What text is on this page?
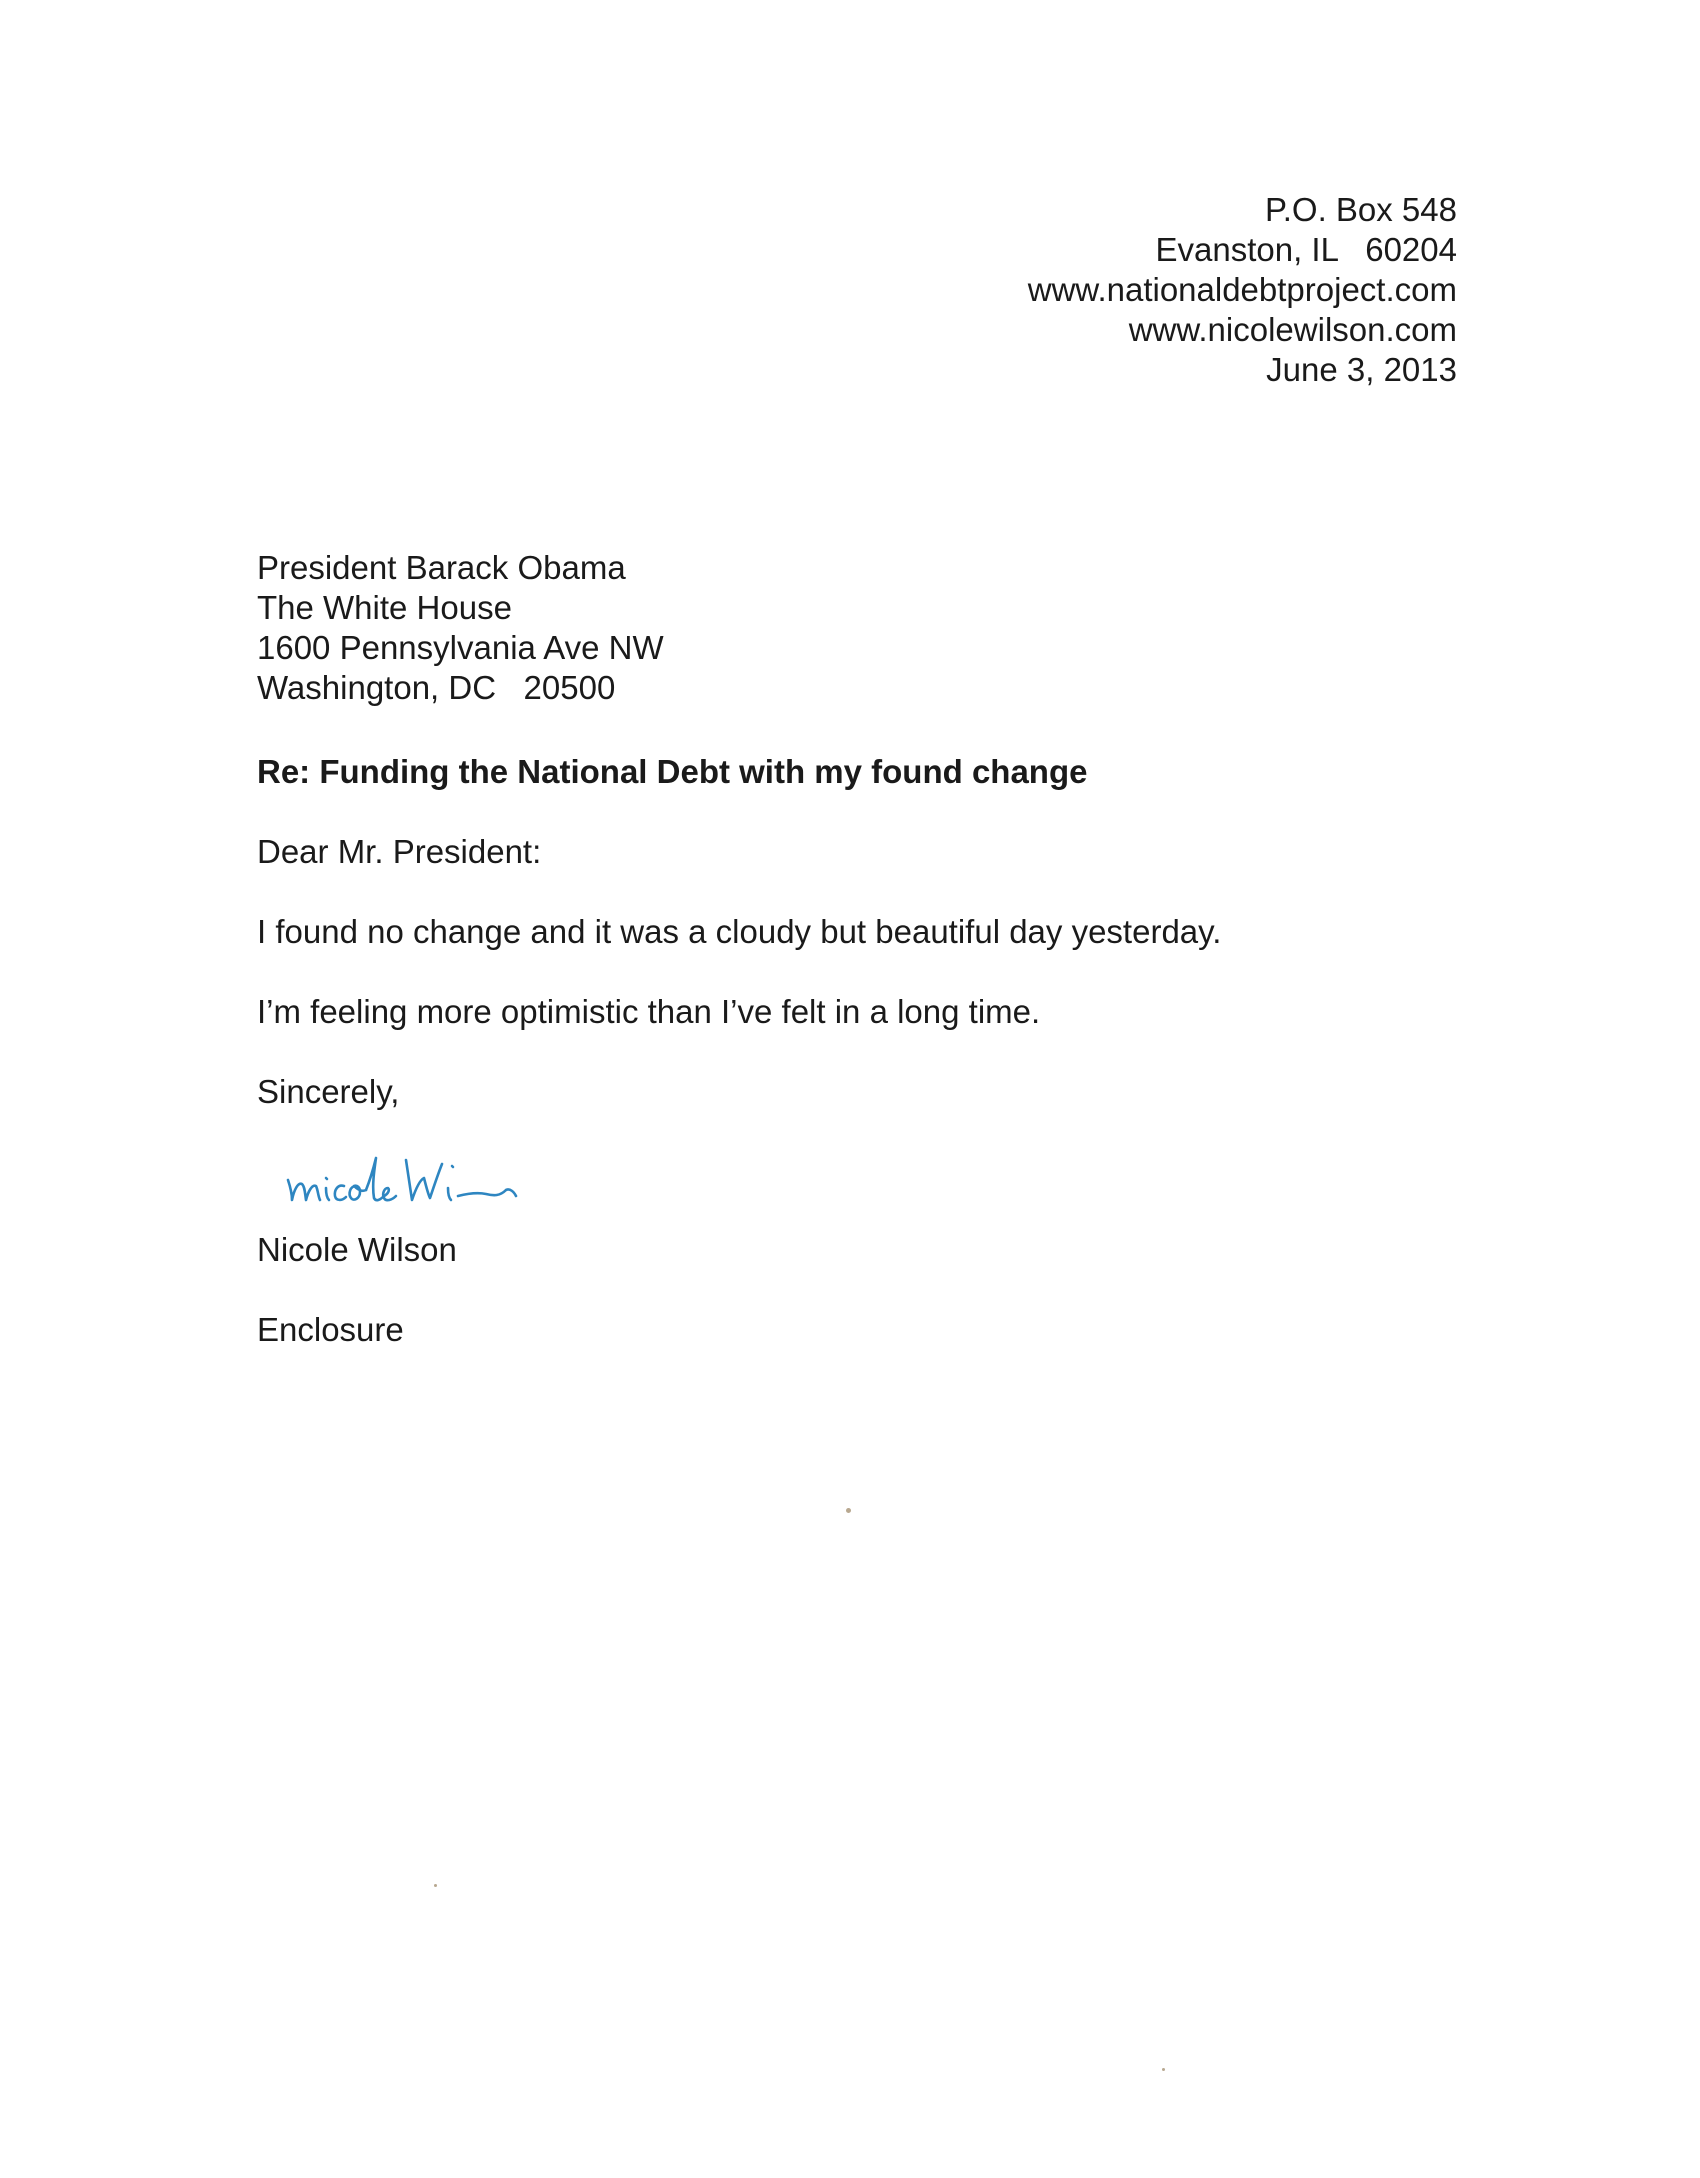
P.O. Box 548
Evanston, IL   60204
www.nationaldebtproject.com
www.nicolewilson.com
June 3, 2013
President Barack Obama
The White House
1600 Pennsylvania Ave NW
Washington, DC   20500
Re: Funding the National Debt with my found change
Dear Mr. President:
I found no change and it was a cloudy but beautiful day yesterday.
I’m feeling more optimistic than I’ve felt in a long time.
Sincerely,
Nicole Wilson
Enclosure
